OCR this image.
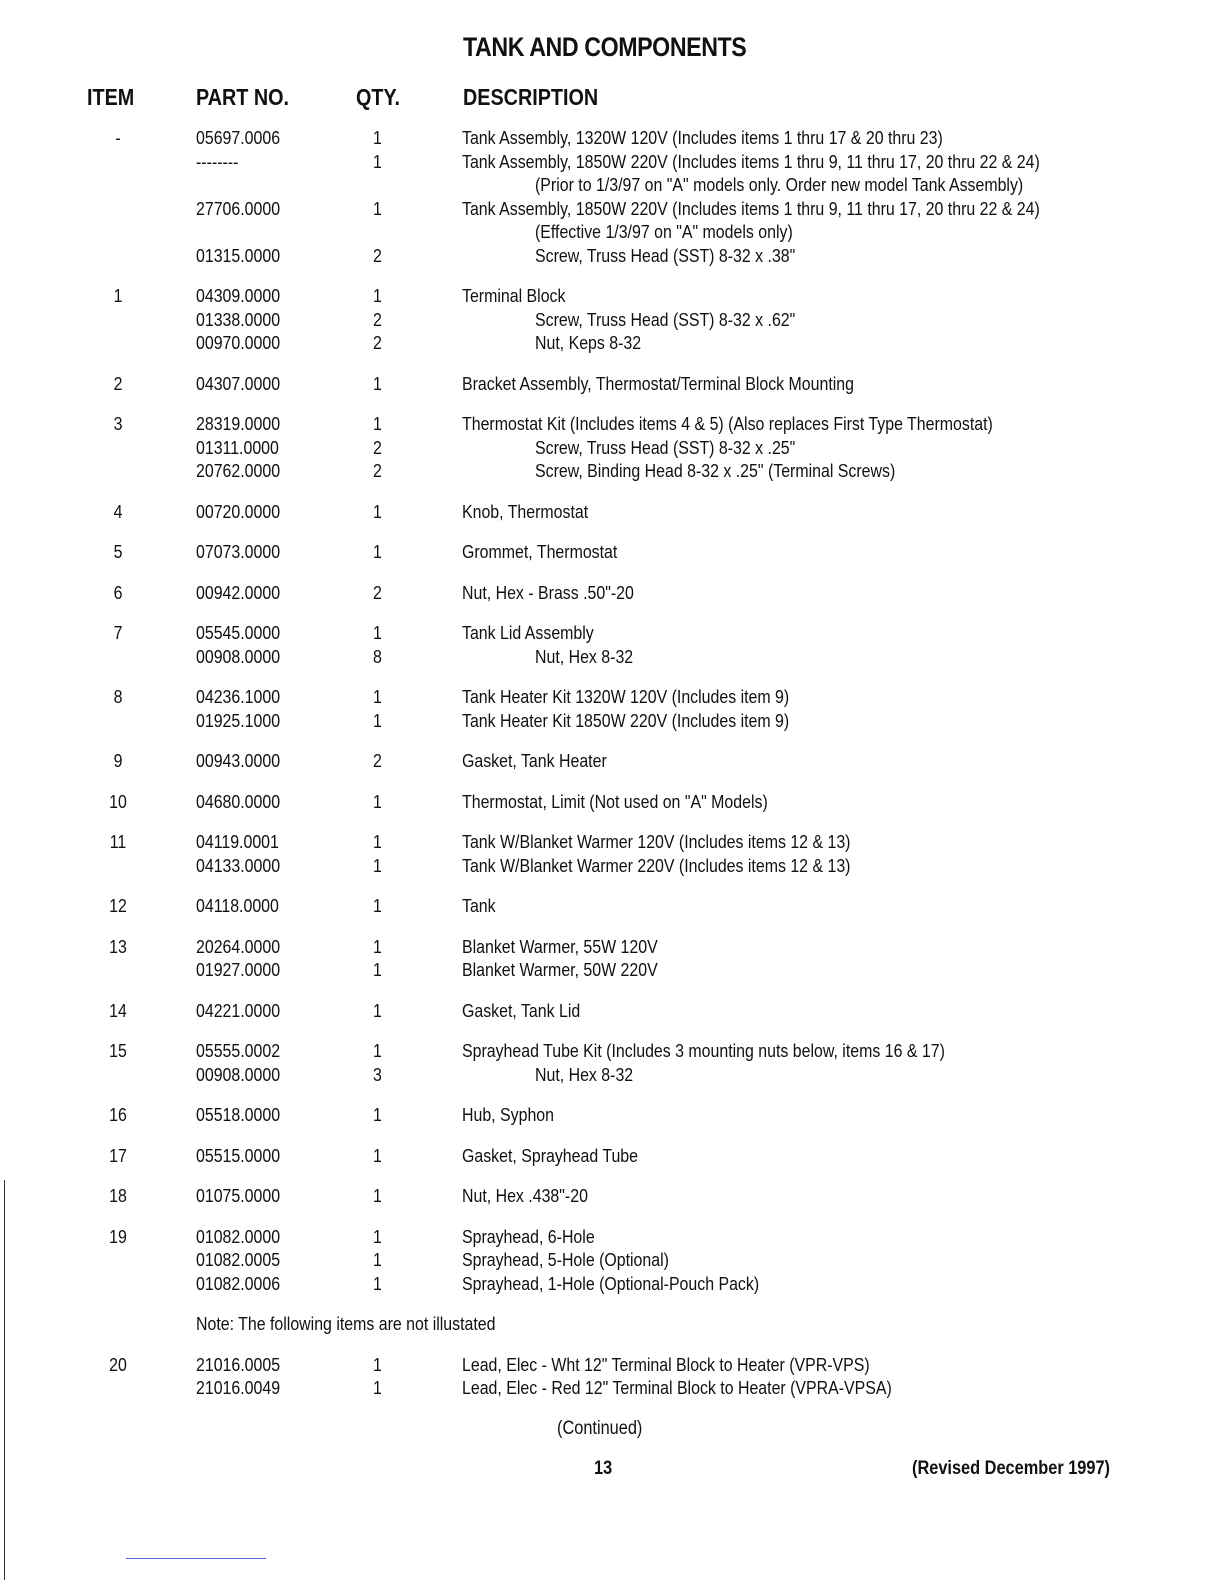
TANK AND COMPONENTS
ITEM	PART NO.	QTY.	DESCRIPTION
-	05697.0006	1	Tank Assembly, 1320W 120V (Includes items 1 thru 17 & 20 thru 23)
--------	1	Tank Assembly, 1850W 220V (Includes items 1 thru 9, 11 thru 17, 20 thru 22 & 24)
(Prior to 1/3/97 on "A" models only. Order new model Tank Assembly)
27706.0000	1	Tank Assembly, 1850W 220V (Includes items 1 thru 9, 11 thru 17, 20 thru 22 & 24)
(Effective 1/3/97 on "A" models only)
01315.0000	2	Screw, Truss Head (SST) 8-32 x .38"
1	04309.0000	1	Terminal Block
01338.0000	2	Screw, Truss Head (SST) 8-32 x .62"
00970.0000	2	Nut, Keps 8-32
2	04307.0000	1	Bracket Assembly, Thermostat/Terminal Block Mounting
3	28319.0000	1	Thermostat Kit (Includes items 4 & 5) (Also replaces First Type Thermostat)
01311.0000	2	Screw, Truss Head (SST) 8-32 x .25"
20762.0000	2	Screw, Binding Head 8-32 x .25" (Terminal Screws)
4	00720.0000	1	Knob, Thermostat
5	07073.0000	1	Grommet, Thermostat
6	00942.0000	2	Nut, Hex - Brass .50"-20
7	05545.0000	1	Tank Lid Assembly
00908.0000	8	Nut, Hex 8-32
8	04236.1000	1	Tank Heater Kit 1320W 120V (Includes item 9)
01925.1000	1	Tank Heater Kit 1850W 220V (Includes item 9)
9	00943.0000	2	Gasket, Tank Heater
10	04680.0000	1	Thermostat, Limit (Not used on "A" Models)
11	04119.0001	1	Tank W/Blanket Warmer 120V (Includes items 12 & 13)
04133.0000	1	Tank W/Blanket Warmer 220V (Includes items 12 & 13)
12	04118.0000	1	Tank
13	20264.0000	1	Blanket Warmer, 55W 120V
01927.0000	1	Blanket Warmer, 50W 220V
14	04221.0000	1	Gasket, Tank Lid
15	05555.0002	1	Sprayhead Tube Kit (Includes 3 mounting nuts below, items 16 & 17)
00908.0000	3	Nut, Hex 8-32
16	05518.0000	1	Hub, Syphon
17	05515.0000	1	Gasket, Sprayhead Tube
18	01075.0000	1	Nut, Hex .438"-20
19	01082.0000	1	Sprayhead, 6-Hole
01082.0005	1	Sprayhead, 5-Hole (Optional)
01082.0006	1	Sprayhead, 1-Hole (Optional-Pouch Pack)
Note: The following items are not illustated
20	21016.0005	1	Lead, Elec - Wht 12" Terminal Block to Heater (VPR-VPS)
21016.0049	1	Lead, Elec - Red 12" Terminal Block to Heater (VPRA-VPSA)
(Continued)
13	(Revised December 1997)
